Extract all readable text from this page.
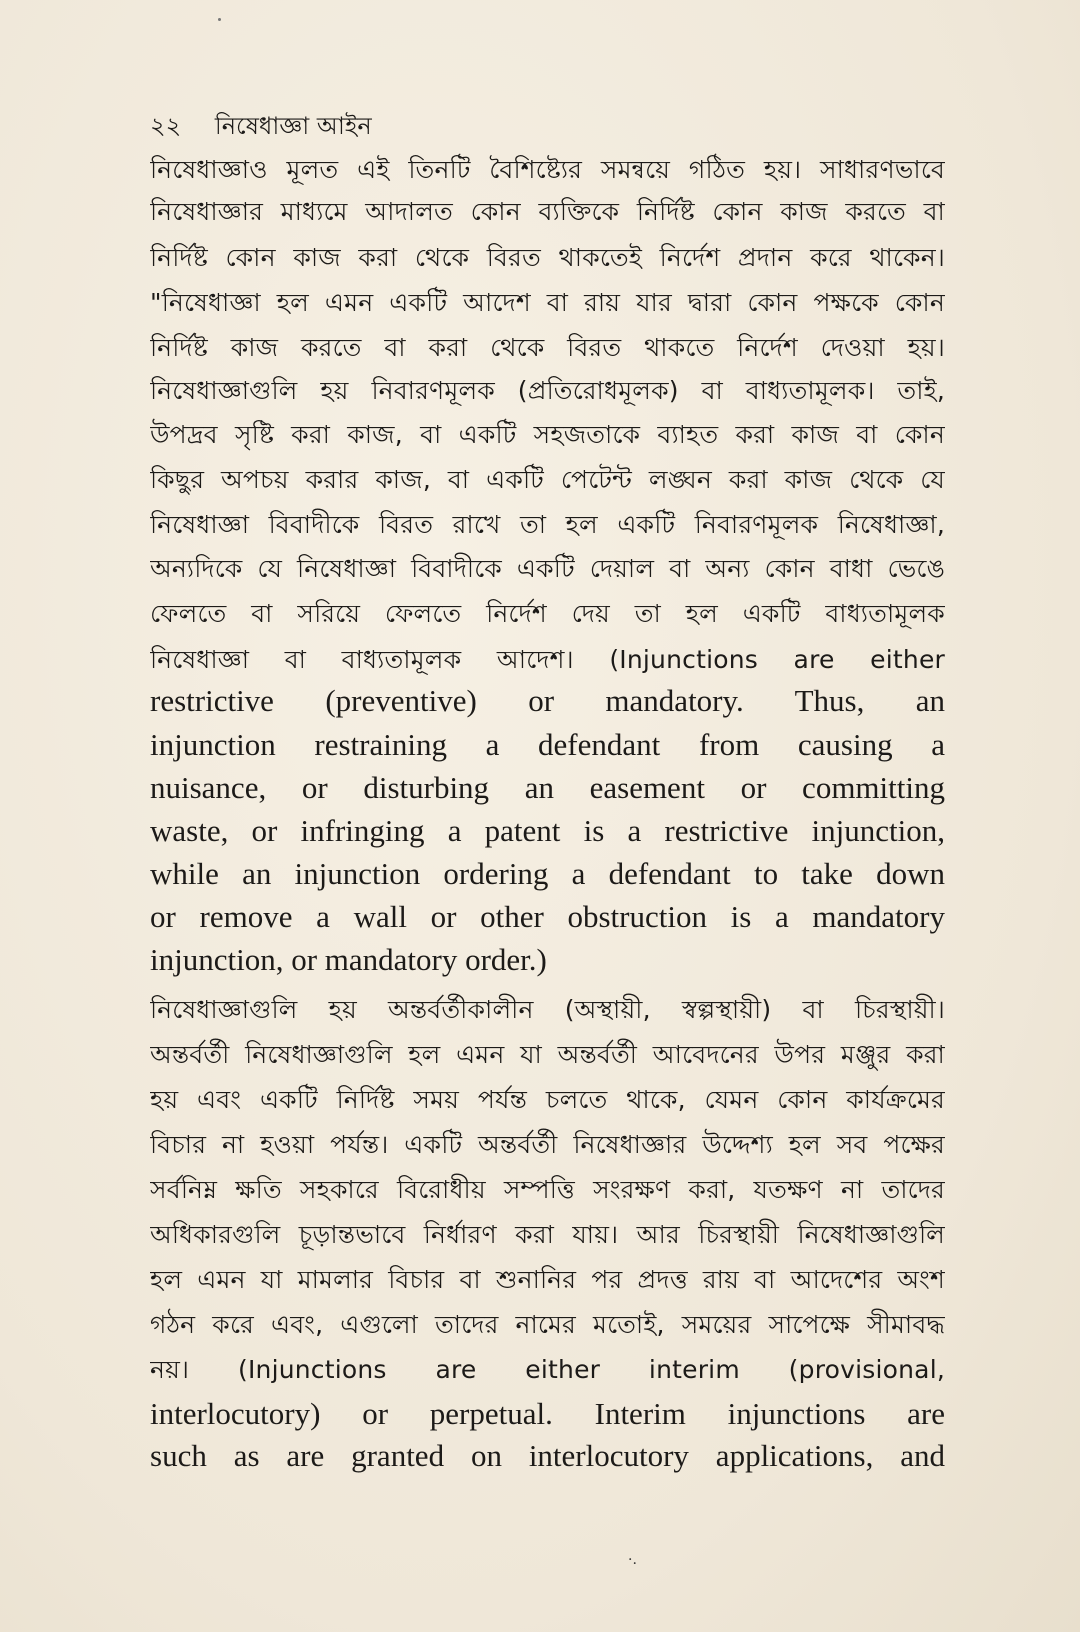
২২ নিষেধাজ্ঞা আইন
নিষেধাজ্ঞাও মূলত এই তিনটি বৈশিষ্ট্যের সমন্বয়ে গঠিত হয়। সাধারণভাবে
নিষেধাজ্ঞার মাধ্যমে আদালত কোন ব্যক্তিকে নির্দিষ্ট কোন কাজ করতে বা
নির্দিষ্ট কোন কাজ করা থেকে বিরত থাকতেই নির্দেশ প্রদান করে থাকেন।
"নিষেধাজ্ঞা হল এমন একটি আদেশ বা রায় যার দ্বারা কোন পক্ষকে কোন
নির্দিষ্ট কাজ করতে বা করা থেকে বিরত থাকতে নির্দেশ দেওয়া হয়।
নিষেধাজ্ঞাগুলি হয় নিবারণমূলক (প্রতিরোধমূলক) বা বাধ্যতামূলক। তাই,
উপদ্রব সৃষ্টি করা কাজ, বা একটি সহজতাকে ব্যাহত করা কাজ বা কোন
কিছুর অপচয় করার কাজ, বা একটি পেটেন্ট লঙ্ঘন করা কাজ থেকে যে
নিষেধাজ্ঞা বিবাদীকে বিরত রাখে তা হল একটি নিবারণমূলক নিষেধাজ্ঞা,
অন্যদিকে যে নিষেধাজ্ঞা বিবাদীকে একটি দেয়াল বা অন্য কোন বাধা ভেঙে
ফেলতে বা সরিয়ে ফেলতে নির্দেশ দেয় তা হল একটি বাধ্যতামূলক
নিষেধাজ্ঞা বা বাধ্যতামূলক আদেশ। (Injunctions are either
restrictive (preventive) or mandatory. Thus, an
injunction restraining a defendant from causing a
nuisance, or disturbing an easement or committing
waste, or infringing a patent is a restrictive injunction,
while an injunction ordering a defendant to take down
or remove a wall or other obstruction is a mandatory
injunction, or mandatory order.)
নিষেধাজ্ঞাগুলি হয় অন্তর্বর্তীকালীন (অস্থায়ী, স্বল্পস্থায়ী) বা চিরস্থায়ী।
অন্তর্বর্তী নিষেধাজ্ঞাগুলি হল এমন যা অন্তর্বর্তী আবেদনের উপর মঞ্জুর করা
হয় এবং একটি নির্দিষ্ট সময় পর্যন্ত চলতে থাকে, যেমন কোন কার্যক্রমের
বিচার না হওয়া পর্যন্ত। একটি অন্তর্বর্তী নিষেধাজ্ঞার উদ্দেশ্য হল সব পক্ষের
সর্বনিম্ন ক্ষতি সহকারে বিরোধীয় সম্পত্তি সংরক্ষণ করা, যতক্ষণ না তাদের
অধিকারগুলি চূড়ান্তভাবে নির্ধারণ করা যায়। আর চিরস্থায়ী নিষেধাজ্ঞাগুলি
হল এমন যা মামলার বিচার বা শুনানির পর প্রদত্ত রায় বা আদেশের অংশ
গঠন করে এবং, এগুলো তাদের নামের মতোই, সময়ের সাপেক্ষে সীমাবদ্ধ
নয়। (Injunctions are either interim (provisional,
interlocutory) or perpetual. Interim injunctions are
such as are granted on interlocutory applications, and
·.
